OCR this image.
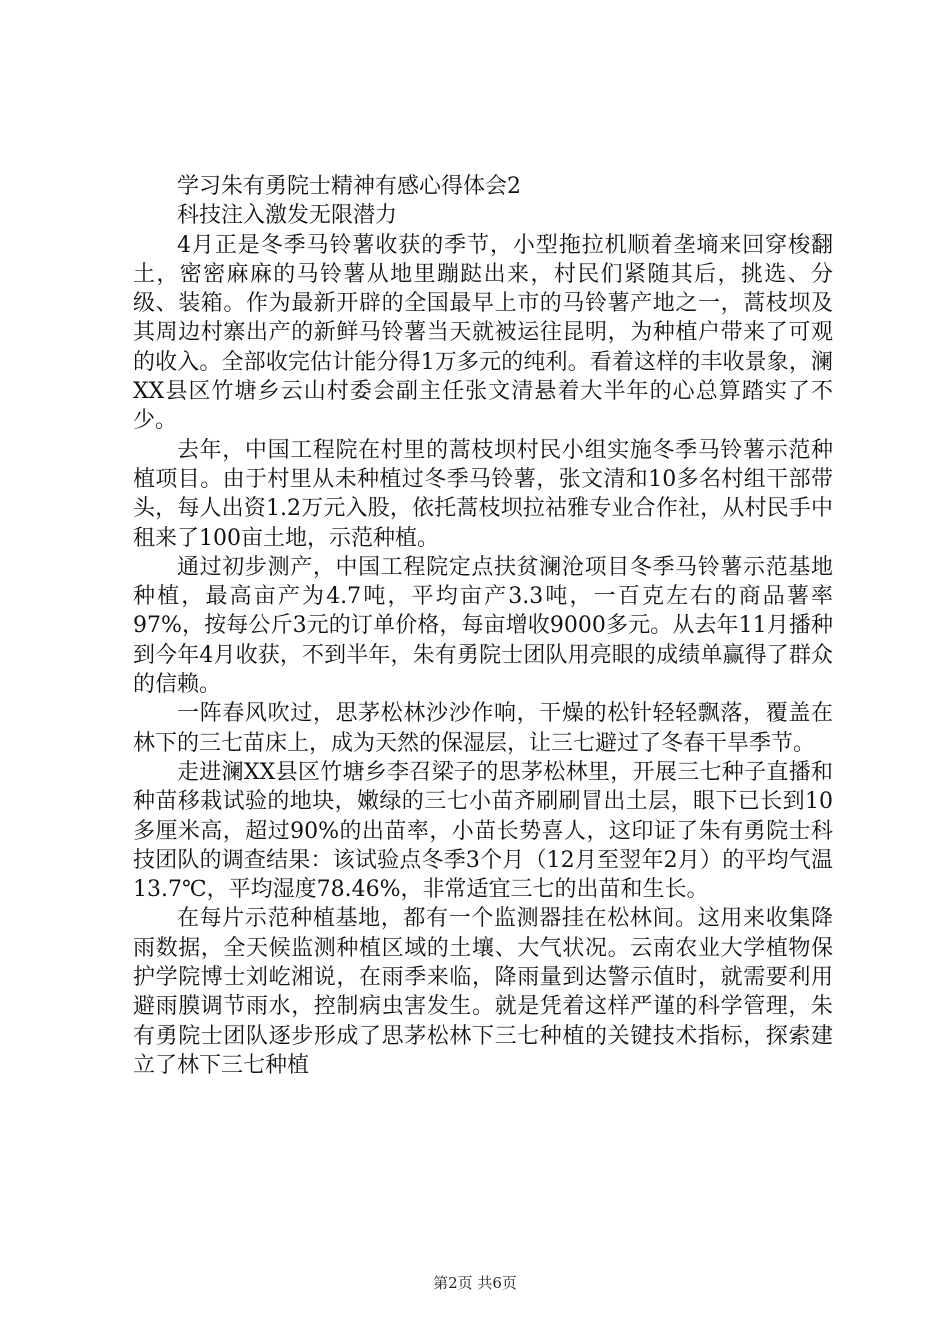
学习朱有勇院士精神有感心得体会2

科技注入激发无限潜力

4月正是冬季马铃薯收获的季节，小型拖拉机顺着垄墒来回穿梭翻土，密密麻麻的马铃薯从地里蹦跶出来，村民们紧随其后，挑选、分级、装箱。作为最新开辟的全国最早上市的马铃薯产地之一，蒿枝坝及其周边村寨出产的新鲜马铃薯当天就被运往昆明，为种植户带来了可观的收入。全部收完估计能分得1万多元的纯利。看着这样的丰收景象，澜XX县区竹塘乡云山村委会副主任张文清悬着大半年的心总算踏实了不少。

去年，中国工程院在村里的蒿枝坝村民小组实施冬季马铃薯示范种植项目。由于村里从未种植过冬季马铃薯，张文清和10多名村组干部带头，每人出资1.2万元入股，依托蒿枝坝拉祜雅专业合作社，从村民手中租来了100亩土地，示范种植。

通过初步测产，中国工程院定点扶贫澜沧项目冬季马铃薯示范基地种植，最高亩产为4.7吨，平均亩产3.3吨，一百克左右的商品薯率97%，按每公斤3元的订单价格，每亩增收9000多元。从去年11月播种到今年4月收获，不到半年，朱有勇院士团队用亮眼的成绩单赢得了群众的信赖。

一阵春风吹过，思茅松林沙沙作响，干燥的松针轻轻飘落，覆盖在林下的三七苗床上，成为天然的保湿层，让三七避过了冬春干旱季节。

走进澜XX县区竹塘乡李召梁子的思茅松林里，开展三七种子直播和种苗移栽试验的地块，嫩绿的三七小苗齐刷刷冒出土层，眼下已长到10多厘米高，超过90%的出苗率，小苗长势喜人，这印证了朱有勇院士科技团队的调查结果：该试验点冬季3个月（12月至翌年2月）的平均气温13.7℃，平均湿度78.46%，非常适宜三七的出苗和生长。

在每片示范种植基地，都有一个监测器挂在松林间。这用来收集降雨数据，全天候监测种植区域的土壤、大气状况。云南农业大学植物保护学院博士刘屹湘说，在雨季来临，降雨量到达警示值时，就需要利用避雨膜调节雨水，控制病虫害发生。就是凭着这样严谨的科学管理，朱有勇院士团队逐步形成了思茅松林下三七种植的关键技术指标，探索建立了林下三七种植

第2页 共6页
